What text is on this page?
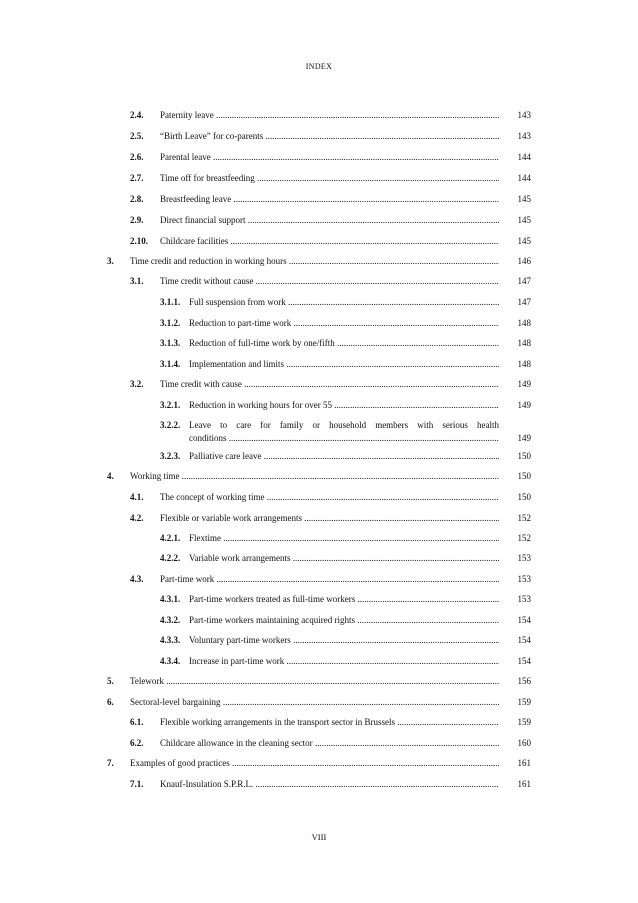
INDEX
2.4. Paternity leave .....	143
2.5. “Birth Leave” for co-parents .....	143
2.6. Parental leave .....	144
2.7. Time off for breastfeeding .....	144
2.8. Breastfeeding leave .....	145
2.9. Direct financial support .....	145
2.10. Childcare facilities .....	145
3. Time credit and reduction in working hours .....	146
3.1. Time credit without cause .....	147
3.1.1. Full suspension from work .....	147
3.1.2. Reduction to part-time work .....	148
3.1.3. Reduction of full-time work by one/fifth .....	148
3.1.4. Implementation and limits .....	148
3.2. Time credit with cause .....	149
3.2.1. Reduction in working hours for over 55 .....	149
3.2.2. Leave to care for family or household members with serious health
conditions .....	149
3.2.3. Palliative care leave .....	150
4. Working time .....	150
4.1. The concept of working time .....	150
4.2. Flexible or variable work arrangements .....	152
4.2.1. Flextime .....	152
4.2.2. Variable work arrangements .....	153
4.3. Part-time work .....	153
4.3.1. Part-time workers treated as full-time workers .....	153
4.3.2. Part-time workers maintaining acquired rights .....	154
4.3.3. Voluntary part-time workers .....	154
4.3.4. Increase in part-time work .....	154
5. Telework .....	156
6. Sectoral-level bargaining .....	159
6.1. Flexible working arrangements in the transport sector in Brussels .....	159
6.2. Childcare allowance in the cleaning sector .....	160
7. Examples of good practices .....	161
7.1. Knauf-Insulation S.P.R.L. .....	161
VIII
